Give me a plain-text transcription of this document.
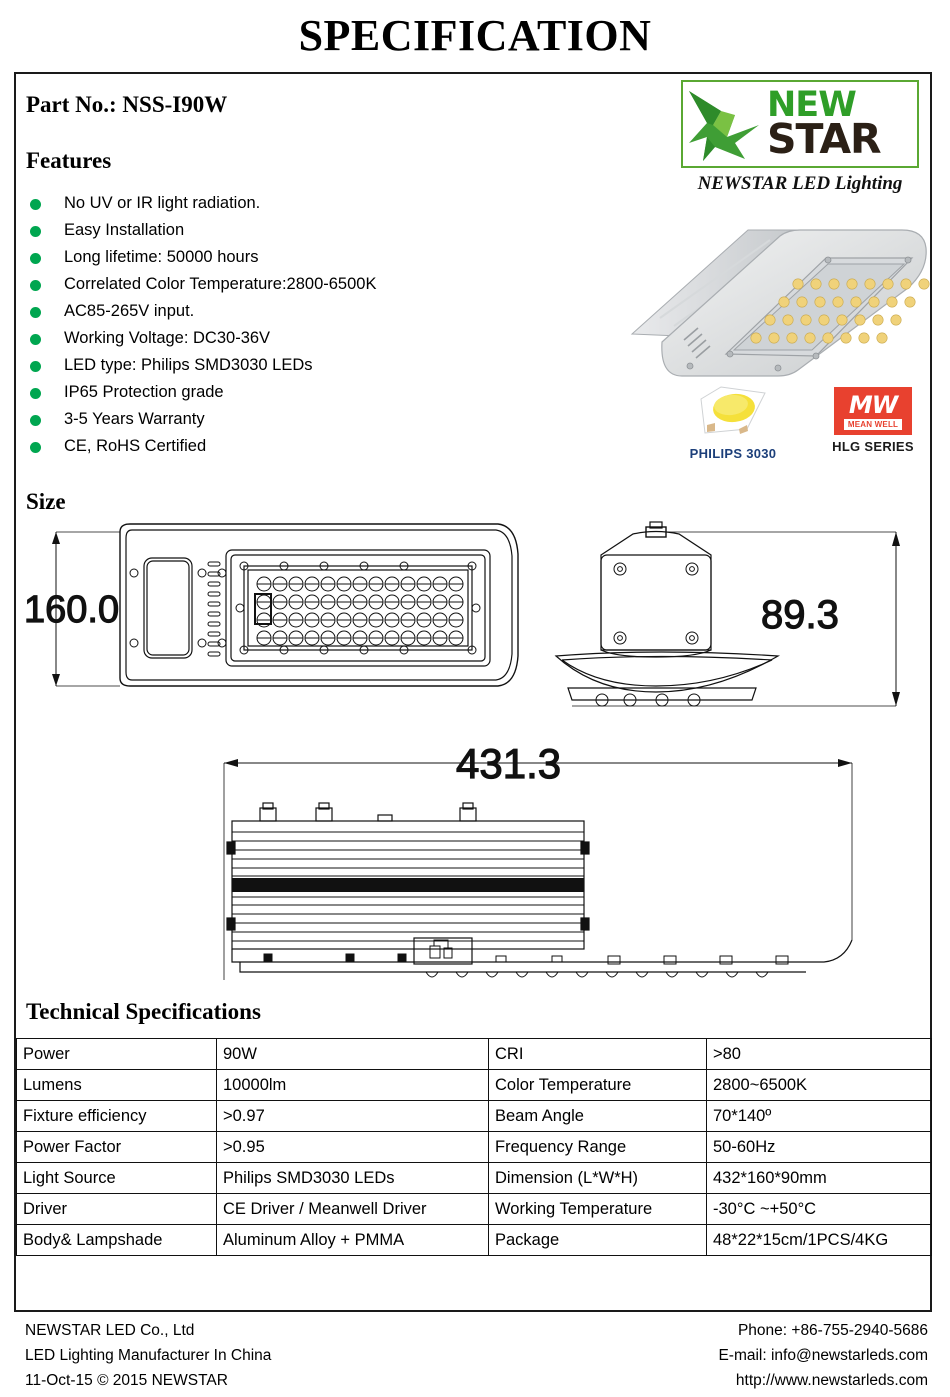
SPECIFICATION
Part No.: NSS-I90W
Features
No UV or IR light radiation.
Easy Installation
Long lifetime: 50000 hours
Correlated Color Temperature:2800-6500K
AC85-265V input.
Working Voltage: DC30-36V
LED type: Philips SMD3030 LEDs
IP65 Protection grade
3-5 Years Warranty
CE, RoHS Certified
Size
NEW
STAR
NEWSTAR LED Lighting
PHILIPS 3030
MW
MEAN WELL
HLG SERIES
160.0	89.3
431.3
Technical Specifications
Power	90W	CRI	>80
Lumens	10000lm	Color Temperature	2800~6500K
Fixture efficiency	>0.97	Beam Angle	70*140º
Power Factor	>0.95	Frequency Range	50-60Hz
Light Source	Philips SMD3030 LEDs	Dimension (L*W*H)	432*160*90mm
Driver	CE Driver / Meanwell Driver	Working Temperature	-30°C ~+50°C
Body& Lampshade	Aluminum Alloy + PMMA	Package	48*22*15cm/1PCS/4KG
NEWSTAR LED Co., Ltd
LED Lighting Manufacturer In China
11-Oct-15 © 2015 NEWSTAR
Phone: +86-755-2940-5686
E-mail: info@newstarleds.com
http://www.newstarleds.com
